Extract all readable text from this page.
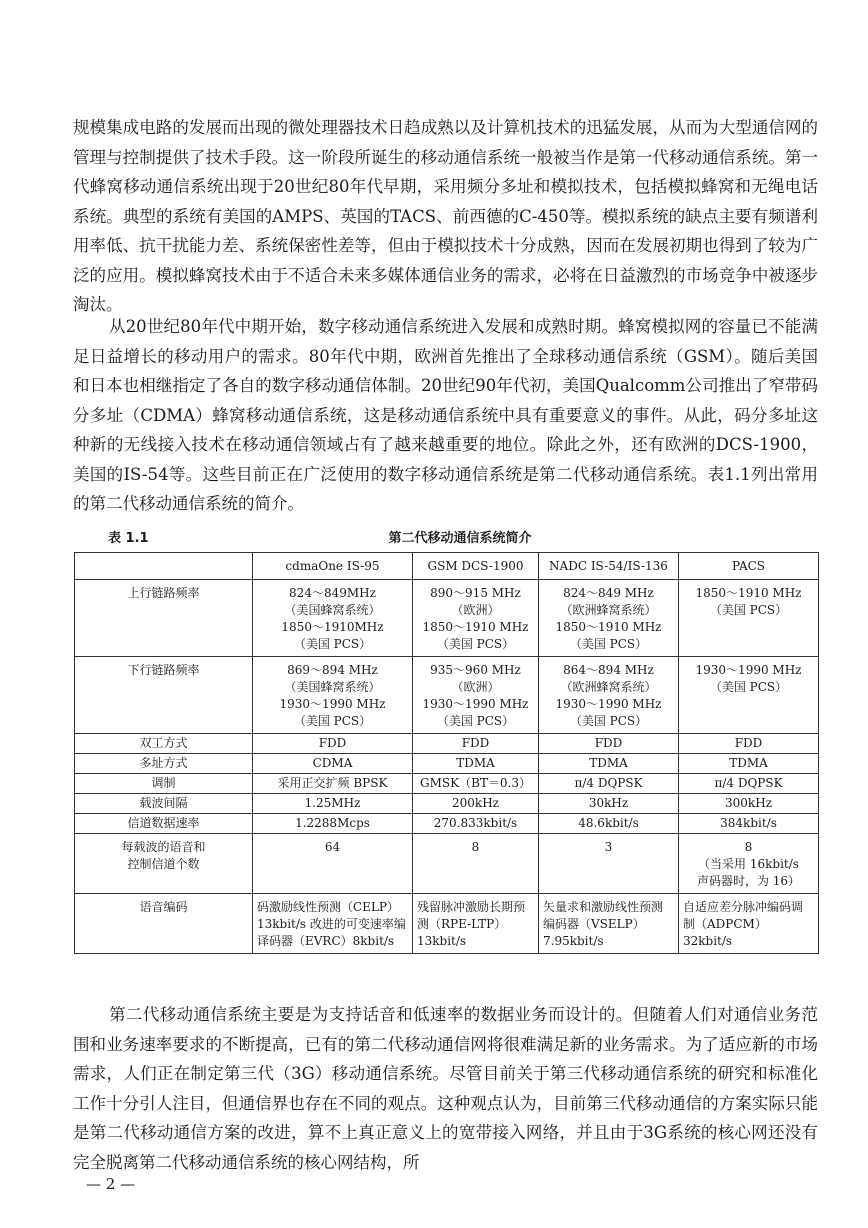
规模集成电路的发展而出现的微处理器技术日趋成熟以及计算机技术的迅猛发展，从而为大型通信网的管理与控制提供了技术手段。这一阶段所诞生的移动通信系统一般被当作是第一代移动通信系统。第一代蜂窝移动通信系统出现于20世纪80年代早期，采用频分多址和模拟技术，包括模拟蜂窝和无绳电话系统。典型的系统有美国的AMPS、英国的TACS、前西德的C-450等。模拟系统的缺点主要有频谱利用率低、抗干扰能力差、系统保密性差等，但由于模拟技术十分成熟，因而在发展初期也得到了较为广泛的应用。模拟蜂窝技术由于不适合未来多媒体通信业务的需求，必将在日益激烈的市场竞争中被逐步淘汰。

从20世纪80年代中期开始，数字移动通信系统进入发展和成熟时期。蜂窝模拟网的容量已不能满足日益增长的移动用户的需求。80年代中期，欧洲首先推出了全球移动通信系统（GSM）。随后美国和日本也相继指定了各自的数字移动通信体制。20世纪90年代初，美国Qualcomm公司推出了窄带码分多址（CDMA）蜂窝移动通信系统，这是移动通信系统中具有重要意义的事件。从此，码分多址这种新的无线接入技术在移动通信领域占有了越来越重要的地位。除此之外，还有欧洲的DCS-1900，美国的IS-54等。这些目前正在广泛使用的数字移动通信系统是第二代移动通信系统。表1.1列出常用的第二代移动通信系统的简介。

表 1.1	第二代移动通信系统简介
	cdmaOne IS-95	GSM DCS-1900	NADC IS-54/IS-136	PACS
上行链路频率	824～849MHz
（美国蜂窝系统）
1850～1910MHz
（美国 PCS）	890～915 MHz
（欧洲）
1850～1910 MHz
（美国 PCS）	824～849 MHz
（欧洲蜂窝系统）
1850～1910 MHz
（美国 PCS）	1850～1910 MHz
（美国 PCS）
下行链路频率	869～894 MHz
（美国蜂窝系统）
1930～1990 MHz
（美国 PCS）	935～960 MHz
（欧洲）
1930～1990 MHz
（美国 PCS）	864～894 MHz
（欧洲蜂窝系统）
1930～1990 MHz
（美国 PCS）	1930～1990 MHz
（美国 PCS）
双工方式	FDD	FDD	FDD	FDD
多址方式	CDMA	TDMA	TDMA	TDMA
调制	采用正交扩频 BPSK	GMSK（BT＝0.3）	π/4 DQPSK	π/4 DQPSK
载波间隔	1.25MHz	200kHz	30kHz	300kHz
信道数据速率	1.2288Mcps	270.833kbit/s	48.6kbit/s	384kbit/s
每载波的语音和
控制信道个数	64	8	3	8
（当采用 16kbit/s
声码器时，为 16）
语音编码	码激励线性预测（CELP）13kbit/s 改进的可变速率编译码器（EVRC）8kbit/s	残留脉冲激励长期预测（RPE-LTP）
13kbit/s	矢量求和激励线性预测编码器（VSELP）
7.95kbit/s	自适应差分脉冲编码调制（ADPCM）
32kbit/s

第二代移动通信系统主要是为支持话音和低速率的数据业务而设计的。但随着人们对通信业务范围和业务速率要求的不断提高，已有的第二代移动通信网将很难满足新的业务需求。为了适应新的市场需求，人们正在制定第三代（3G）移动通信系统。尽管目前关于第三代移动通信系统的研究和标准化工作十分引人注目，但通信界也存在不同的观点。这种观点认为，目前第三代移动通信的方案实际只能是第二代移动通信方案的改进，算不上真正意义上的宽带接入网络，并且由于3G系统的核心网还没有完全脱离第二代移动通信系统的核心网结构，所

— 2 —
